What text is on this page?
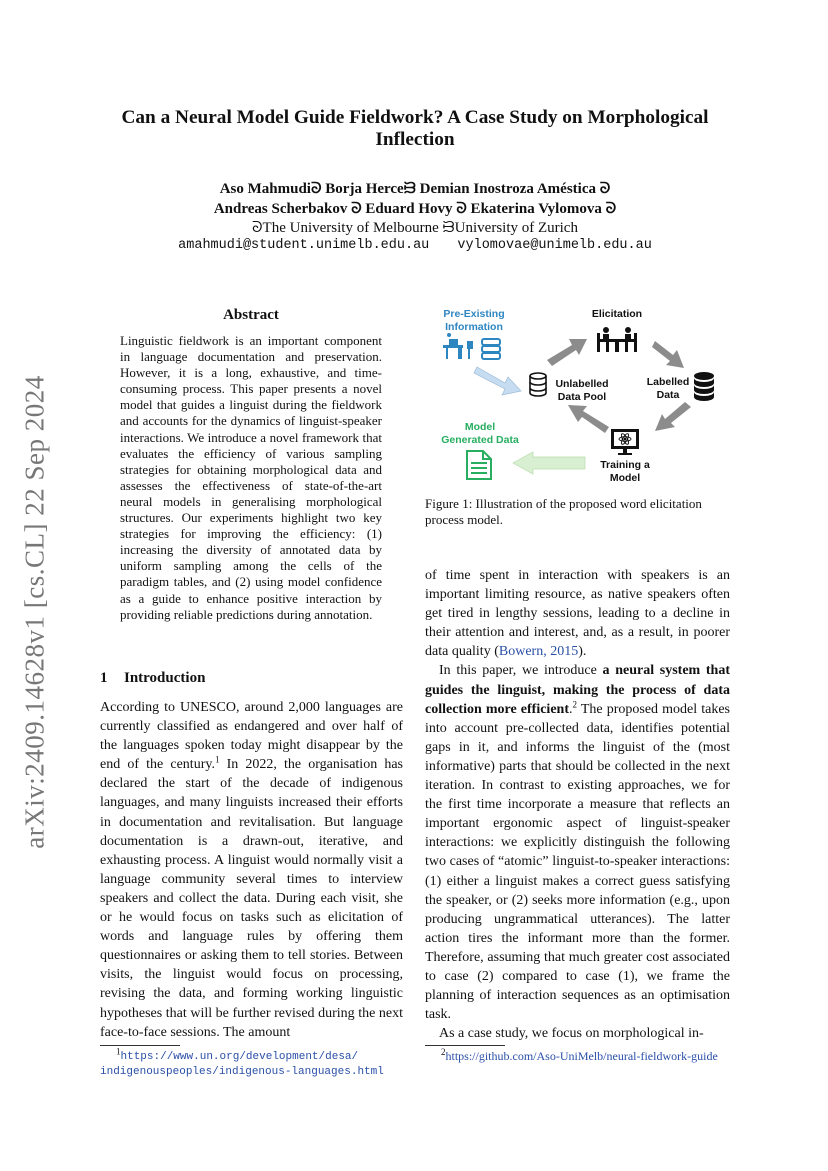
arXiv:2409.14628v1 [cs.CL] 22 Sep 2024
Can a Neural Model Guide Fieldwork? A Case Study on Morphological
Inflection
Aso Mahmudiᘐ Borja Herceᙣ Demian Inostroza Améstica ᘐ
Andreas Scherbakov ᘐ Eduard Hovy ᘐ Ekaterina Vylomova ᘐ
ᘐThe University of Melbourne ᙣUniversity of Zurich
amahmudi@student.unimelb.edu.au vylomovae@unimelb.edu.au
Abstract
Linguistic fieldwork is an important component in language documentation and preservation. However, it is a long, exhaustive, and time-consuming process. This paper presents a novel model that guides a linguist during the fieldwork and accounts for the dynamics of linguist-speaker interactions. We introduce a novel framework that evaluates the efficiency of various sampling strategies for obtaining morphological data and assesses the effectiveness of state-of-the-art neural models in generalising morphological structures. Our experiments highlight two key strategies for improving the efficiency: (1) increasing the diversity of annotated data by uniform sampling among the cells of the paradigm tables, and (2) using model confidence as a guide to enhance positive interaction by providing reliable predictions during annotation.
1 Introduction

According to UNESCO, around 2,000 languages are currently classified as endangered and over half of the languages spoken today might disappear by the end of the century.$^1$ In 2022, the organisation has declared the start of the decade of indigenous languages, and many linguists increased their efforts in documentation and revitalisation. But language documentation is a drawn-out, iterative, and exhausting process. A linguist would normally visit a language community several times to interview speakers and collect the data. During each visit, she or he would focus on tasks such as elicitation of words and language rules by offering them questionnaires or asking them to tell stories. Between visits, the linguist would focus on processing, revising the data, and forming working linguistic hypotheses that will be further revised during the next face-to-face sessions. The amount

of time spent in interaction with speakers is an important limiting resource, as native speakers often get tired in lengthy sessions, leading to a decline in their attention and interest, and, as a result, in poorer data quality (Bowern, 2015).

In this paper, we introduce a neural system that guides the linguist, making the process of data collection more efficient.$^2$ The proposed model takes into account pre-collected data, identifies potential gaps in it, and informs the linguist of the (most informative) parts that should be collected in the next iteration. In contrast to existing approaches, we for the first time incorporate a measure that reflects an important ergonomic aspect of linguist-speaker interactions: we explicitly distinguish the following two cases of “atomic” linguist-to-speaker interactions: (1) either a linguist makes a correct guess satisfying the speaker, or (2) seeks more information (e.g., upon producing ungrammatical utterances). The latter action tires the informant more than the former. Therefore, assuming that much greater cost associated to case (2) compared to case (1), we frame the planning of interaction sequences as an optimisation task.

As a case study, we focus on morphological in-

Pre-Existing
Information
Elicitation
Unlabelled
Data Pool
Labelled
Data
Model
Generated Data
Training a
Model
Figure 1: Illustration of the proposed word elicitation process model.
$^1$https://www.un.org/development/desa/
indigenouspeoples/indigenous-languages.html
$^2$https://github.com/Aso-UniMelb/neural-fieldwork-guide
